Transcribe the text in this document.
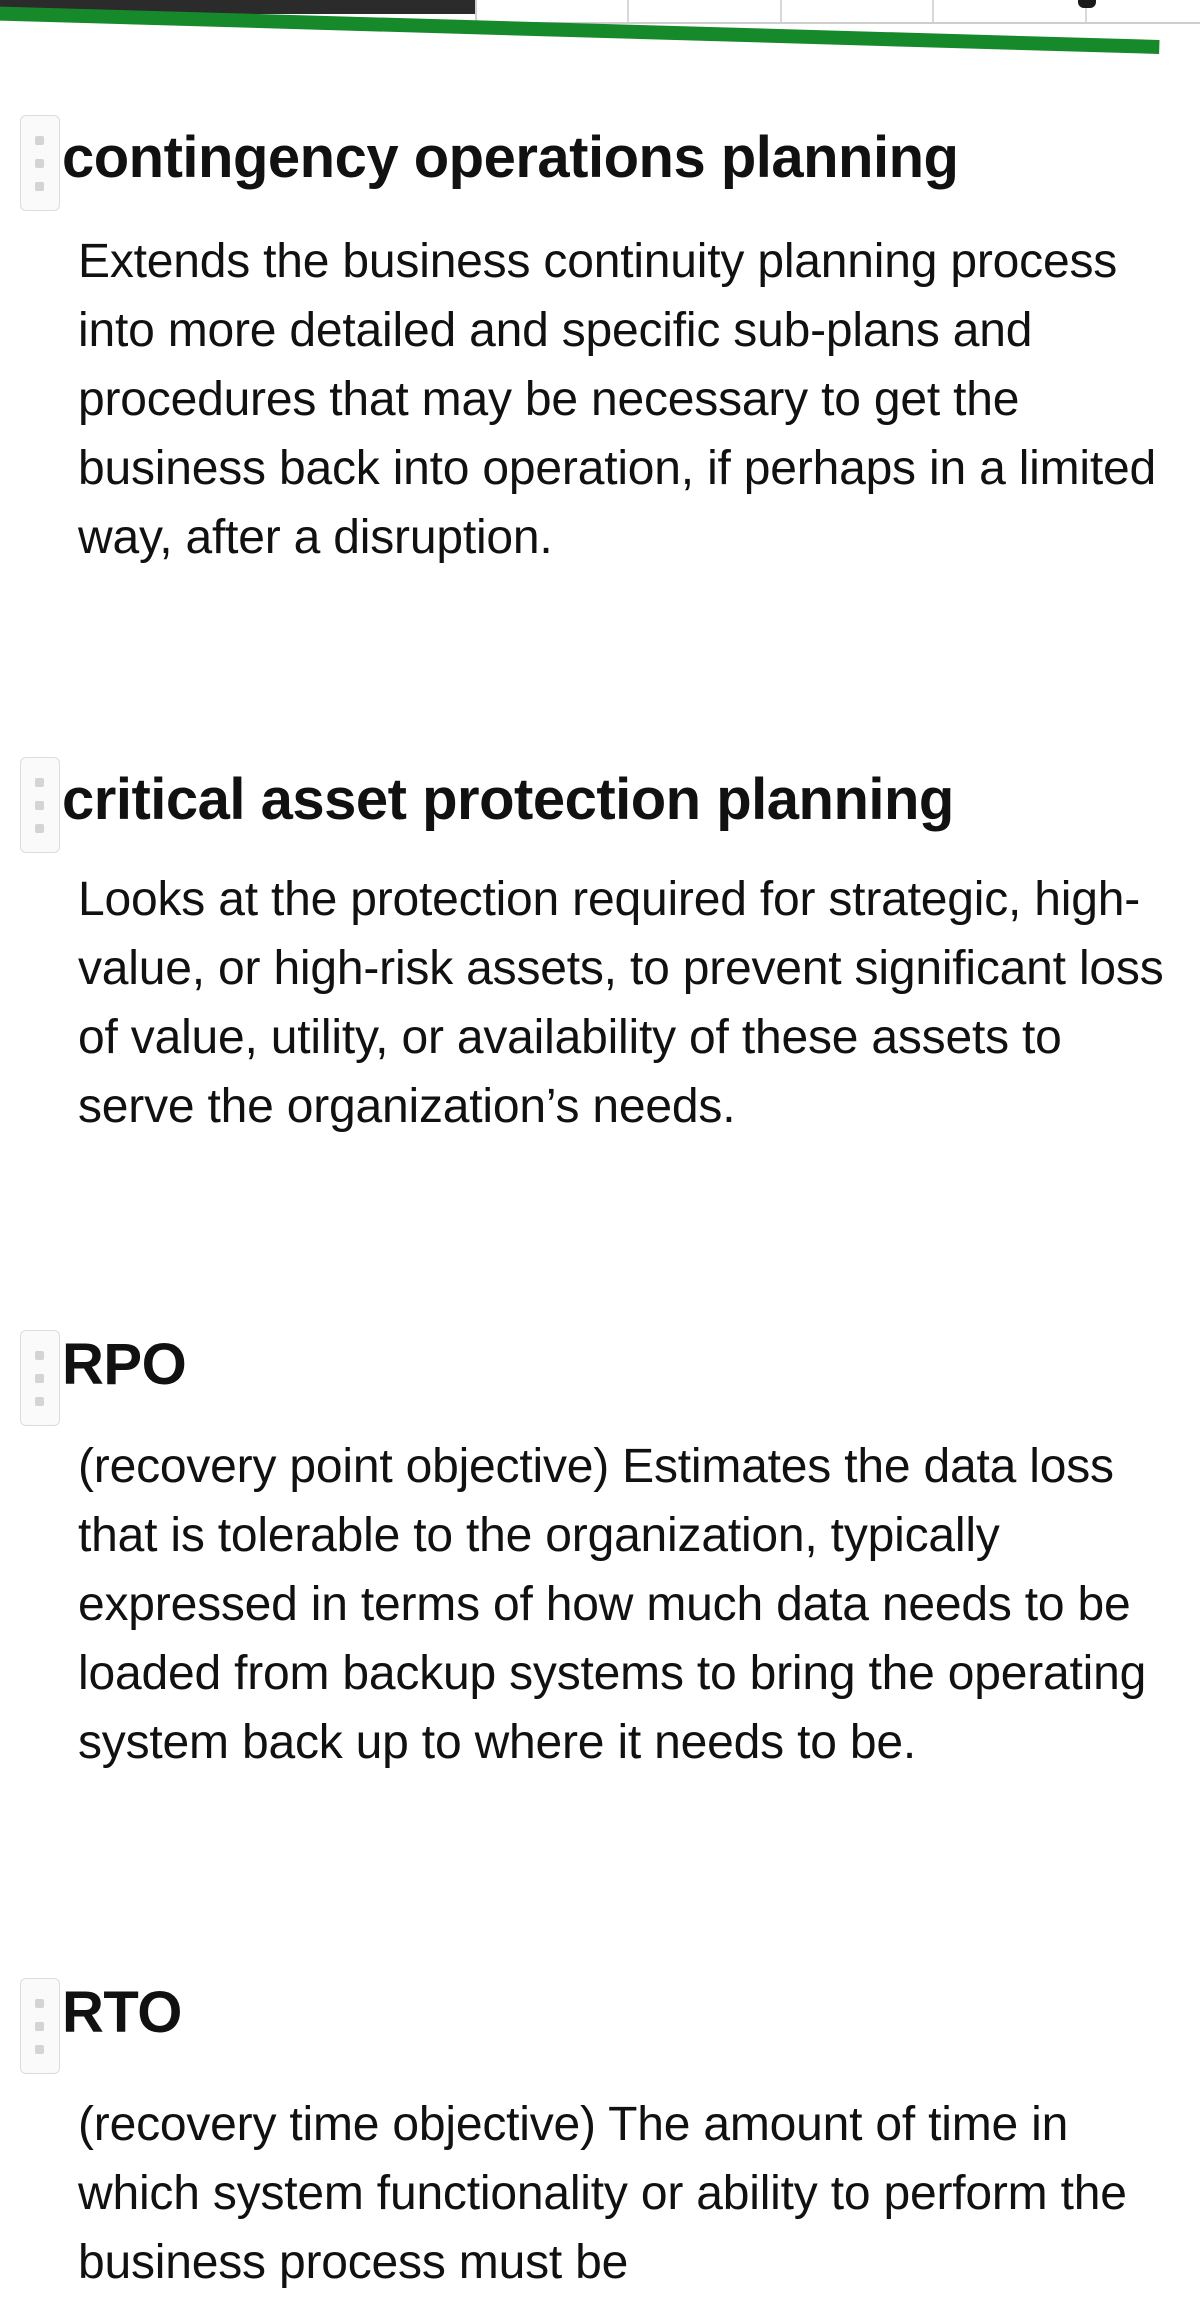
contingency operations planning

Extends the business continuity planning process into more detailed and specific sub-plans and procedures that may be necessary to get the business back into operation, if perhaps in a limited way, after a disruption.

critical asset protection planning

Looks at the protection required for strategic, high-value, or high-risk assets, to prevent significant loss of value, utility, or availability of these assets to serve the organization’s needs.

RPO

(recovery point objective) Estimates the data loss that is tolerable to the organization, typically expressed in terms of how much data needs to be loaded from backup systems to bring the operating system back up to where it needs to be.

RTO

(recovery time objective) The amount of time in which system functionality or ability to perform the business process must be
